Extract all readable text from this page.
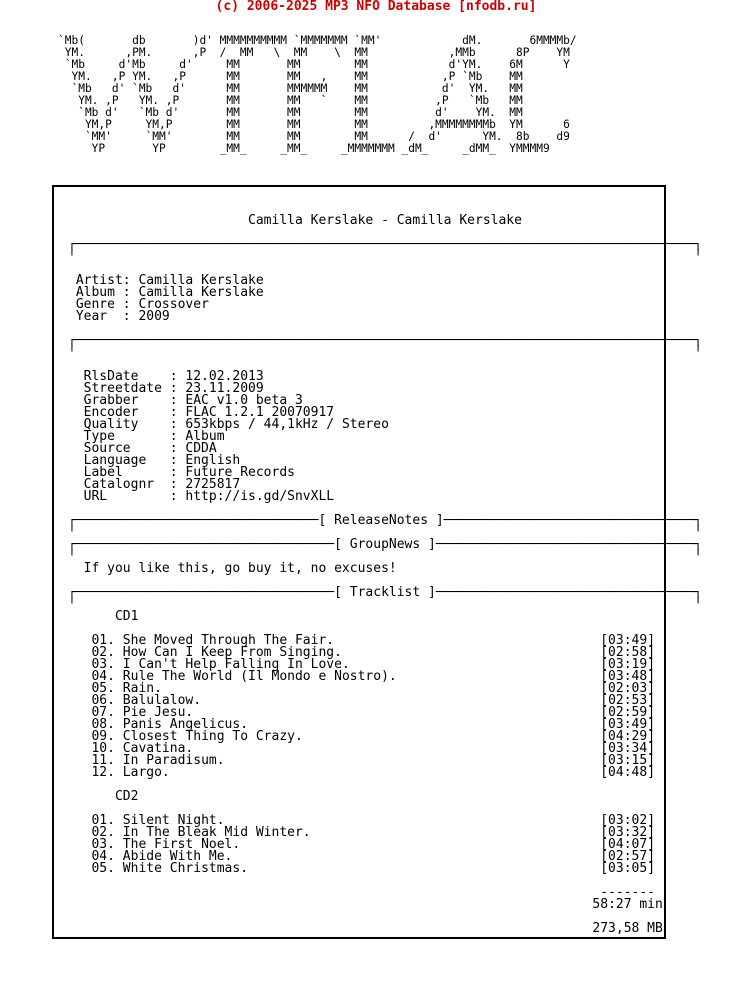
(c) 2006-2025 MP3 NFO Database [nfodb.ru]
`Mb(       db       )d' MMMMMMMMMM `MMMMMMM `MM'            dM.       6MMMMb/
YM.      ,PM.      ,P  /  MM   \  MM    \  MM            ,MMb      8P    YM
`Mb     d'Mb     d'     MM       MM        MM            d'YM.    6M      Y
YM.   ,P YM.   ,P      MM       MM   ,    MM           ,P `Mb    MM
`Mb   d' `Mb   d'      MM       MMMMMM    MM           d'  YM.   MM
YM. ,P   YM. ,P       MM       MM   `    MM          ,P   `Mb   MM
`Mb d'   `Mb d'       MM       MM        MM          d'    YM.  MM
YM,P     YM,P        MM       MM        MM         ,MMMMMMMMb  YM      6
`MM'     `MM'        MM       MM        MM      /  d'      YM.  8b    d9
YP       YP        _MM_     _MM_     _MMMMMMM _dM_     _dMM_  YMMMM9

Camilla Kerslake - Camilla Kerslake

┌───────────────────────────────────────────────────────────────────────────────┐
╵                                                                               ╵

Artist: Camilla Kerslake
Album : Camilla Kerslake
Genre : Crossover
Year  : 2009

┌───────────────────────────────────────────────────────────────────────────────┐
╵                                                                               ╵

RlsDate    : 12.02.2013
Streetdate : 23.11.2009
Grabber    : EAC v1.0 beta 3
Encoder    : FLAC 1.2.1 20070917
Quality    : 653kbps / 44,1kHz / Stereo
Type       : Album
Source     : CDDA
Language   : English
Label      : Future Records
Catalognr  : 2725817
URL        : http://is.gd/SnvXLL

┌───────────────────────────────[ ReleaseNotes ]────────────────────────────────┐
╵                                                                               ╵
┌─────────────────────────────────[ GroupNews ]─────────────────────────────────┐
╵                                                                               ╵
If you like this, go buy it, no excuses!

┌─────────────────────────────────[ Tracklist ]─────────────────────────────────┐
╵                                                                               ╵
CD1

01. She Moved Through The Fair.	[03:49]
02. How Can I Keep From Singing.	[02:58]
03. I Can't Help Falling In Love.	[03:19]
04. Rule The World (Il Mondo e Nostro).	[03:48]
05. Rain.	[02:03]
06. Balulalow.	[02:53]
07. Pie Jesu.	[02:59]
08. Panis Angelicus.	[03:49]
09. Closest Thing To Crazy.	[04:29]
10. Cavatina.	[03:34]
11. In Paradisum.	[03:15]
12. Largo.	[04:48]

CD2

01. Silent Night.	[03:02]
02. In The Bleak Mid Winter.	[03:32]
03. The First Noel.	[04:07]
04. Abide With Me.	[02:57]
05. White Christmas.	[03:05]

-------
58:27 min

273,58 MB
